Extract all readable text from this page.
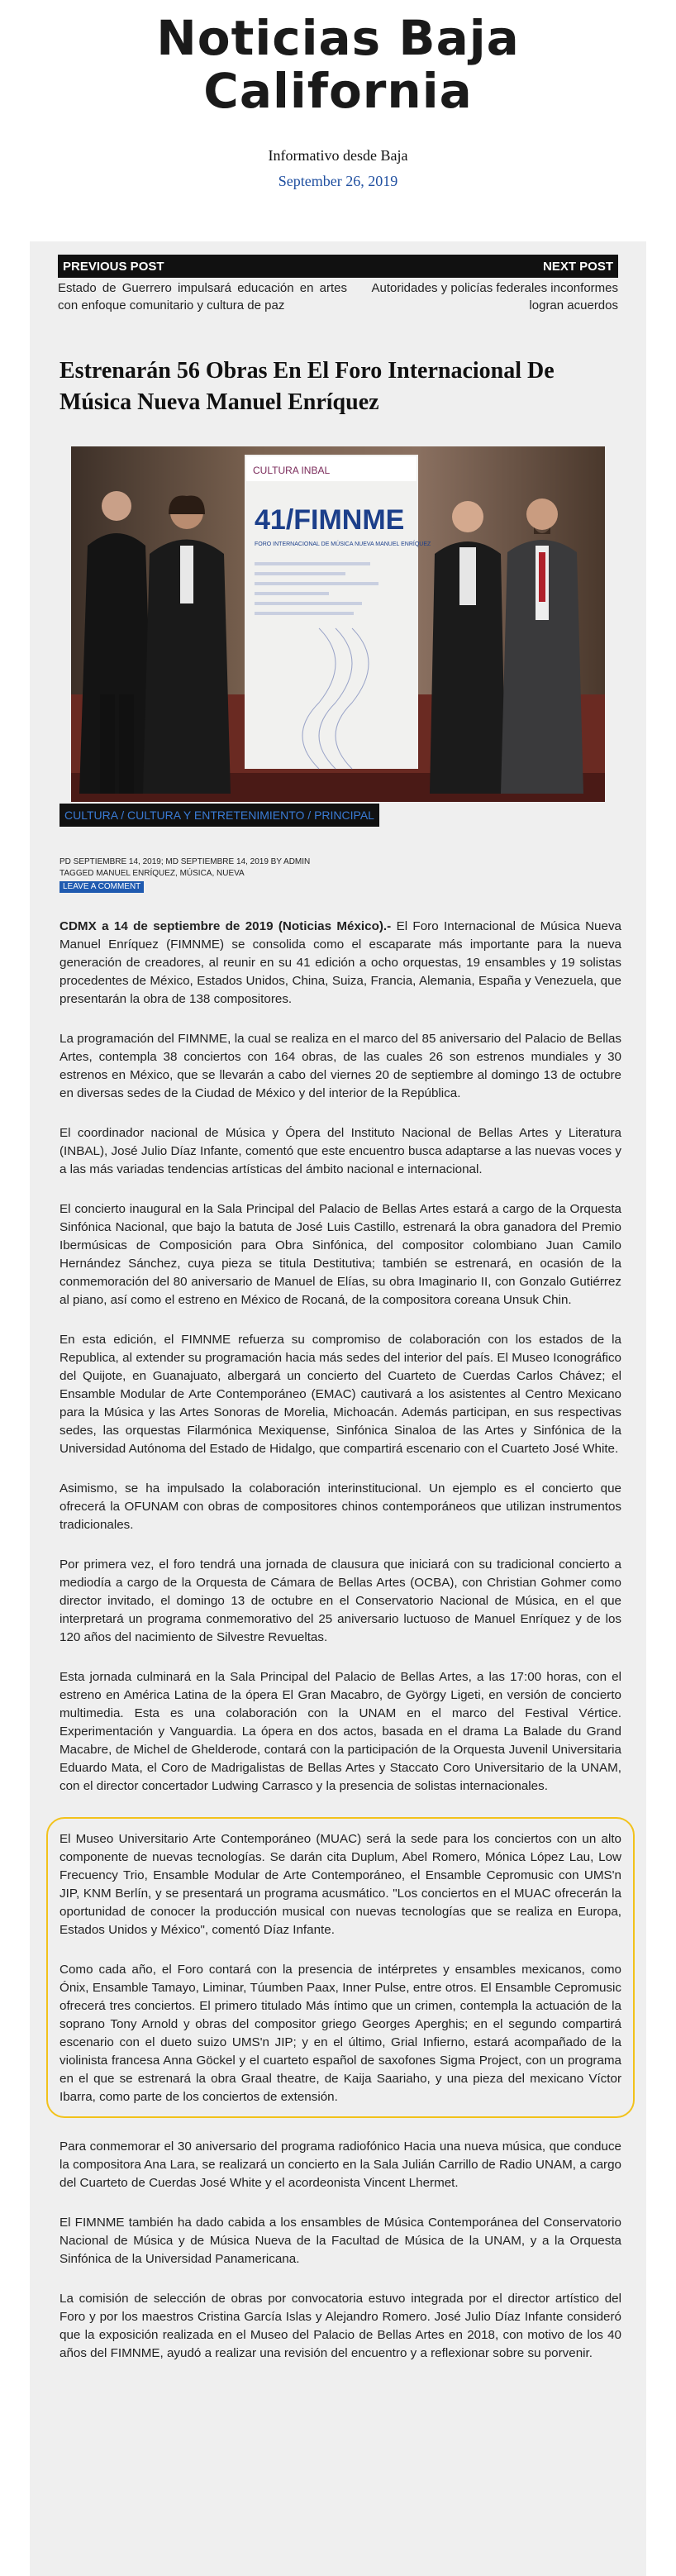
Noticias Baja California
Informativo desde Baja
September 26, 2019
PREVIOUS POST	NEXT POST
Estado de Guerrero impulsará educación en artes con enfoque comunitario y cultura de paz
Autoridades y policías federales inconformes logran acuerdos
Estrenarán 56 Obras En El Foro Internacional De Música Nueva Manuel Enríquez
CULTURA INBAL
41/FIMNME
FORO INTERNACIONAL DE MÚSICA NUEVA MANUEL ENRÍQUEZ
CULTURA / CULTURA Y ENTRETENIMIENTO / PRINCIPAL
PD SEPTIEMBRE 14, 2019; MD SEPTIEMBRE 14, 2019 BY ADMIN
TAGGED MANUEL ENRÍQUEZ, MÚSICA, NUEVA
LEAVE A COMMENT

CDMX a 14 de septiembre de 2019 (Noticias México).- El Foro Internacional de Música Nueva Manuel Enríquez (FIMNME) se consolida como el escaparate más importante para la nueva generación de creadores, al reunir en su 41 edición a ocho orquestas, 19 ensambles y 19 solistas procedentes de México, Estados Unidos, China, Suiza, Francia, Alemania, España y Venezuela, que presentarán la obra de 138 compositores.

La programación del FIMNME, la cual se realiza en el marco del 85 aniversario del Palacio de Bellas Artes, contempla 38 conciertos con 164 obras, de las cuales 26 son estrenos mundiales y 30 estrenos en México, que se llevarán a cabo del viernes 20 de septiembre al domingo 13 de octubre en diversas sedes de la Ciudad de México y del interior de la República.

El coordinador nacional de Música y Ópera del Instituto Nacional de Bellas Artes y Literatura (INBAL), José Julio Díaz Infante, comentó que este encuentro busca adaptarse a las nuevas voces y a las más variadas tendencias artísticas del ámbito nacional e internacional.

El concierto inaugural en la Sala Principal del Palacio de Bellas Artes estará a cargo de la Orquesta Sinfónica Nacional, que bajo la batuta de José Luis Castillo, estrenará la obra ganadora del Premio Ibermúsicas de Composición para Obra Sinfónica, del compositor colombiano Juan Camilo Hernández Sánchez, cuya pieza se titula Destitutiva; también se estrenará, en ocasión de la conmemoración del 80 aniversario de Manuel de Elías, su obra Imaginario II, con Gonzalo Gutiérrez al piano, así como el estreno en México de Rocaná, de la compositora coreana Unsuk Chin.

En esta edición, el FIMNME refuerza su compromiso de colaboración con los estados de la Republica, al extender su programación hacia más sedes del interior del país. El Museo Iconográfico del Quijote, en Guanajuato, albergará un concierto del Cuarteto de Cuerdas Carlos Chávez; el Ensamble Modular de Arte Contemporáneo (EMAC) cautivará a los asistentes al Centro Mexicano para la Música y las Artes Sonoras de Morelia, Michoacán. Además participan, en sus respectivas sedes, las orquestas Filarmónica Mexiquense, Sinfónica Sinaloa de las Artes y Sinfónica de la Universidad Autónoma del Estado de Hidalgo, que compartirá escenario con el Cuarteto José White.

Asimismo, se ha impulsado la colaboración interinstitucional. Un ejemplo es el concierto que ofrecerá la OFUNAM con obras de compositores chinos contemporáneos que utilizan instrumentos tradicionales.

Por primera vez, el foro tendrá una jornada de clausura que iniciará con su tradicional concierto a mediodía a cargo de la Orquesta de Cámara de Bellas Artes (OCBA), con Christian Gohmer como director invitado, el domingo 13 de octubre en el Conservatorio Nacional de Música, en el que interpretará un programa conmemorativo del 25 aniversario luctuoso de Manuel Enríquez y de los 120 años del nacimiento de Silvestre Revueltas.

Esta jornada culminará en la Sala Principal del Palacio de Bellas Artes, a las 17:00 horas, con el estreno en América Latina de la ópera El Gran Macabro, de György Ligeti, en versión de concierto multimedia. Esta es una colaboración con la UNAM en el marco del Festival Vértice. Experimentación y Vanguardia. La ópera en dos actos, basada en el drama La Balade du Grand Macabre, de Michel de Ghelderode, contará con la participación de la Orquesta Juvenil Universitaria Eduardo Mata, el Coro de Madrigalistas de Bellas Artes y Staccato Coro Universitario de la UNAM, con el director concertador Ludwing Carrasco y la presencia de solistas internacionales.

El Museo Universitario Arte Contemporáneo (MUAC) será la sede para los conciertos con un alto componente de nuevas tecnologías. Se darán cita Duplum, Abel Romero, Mónica López Lau, Low Frecuency Trio, Ensamble Modular de Arte Contemporáneo, el Ensamble Cepromusic con UMS'n JIP, KNM Berlín, y se presentará un programa acusmático. "Los conciertos en el MUAC ofrecerán la oportunidad de conocer la producción musical con nuevas tecnologías que se realiza en Europa, Estados Unidos y México", comentó Díaz Infante.

Como cada año, el Foro contará con la presencia de intérpretes y ensambles mexicanos, como Ónix, Ensamble Tamayo, Liminar, Túumben Paax, Inner Pulse, entre otros. El Ensamble Cepromusic ofrecerá tres conciertos. El primero titulado Más íntimo que un crimen, contempla la actuación de la soprano Tony Arnold y obras del compositor griego Georges Aperghis; en el segundo compartirá escenario con el dueto suizo UMS'n JIP; y en el último, Grial Infierno, estará acompañado de la violinista francesa Anna Göckel y el cuarteto español de saxofones Sigma Project, con un programa en el que se estrenará la obra Graal theatre, de Kaija Saariaho, y una pieza del mexicano Víctor Ibarra, como parte de los conciertos de extensión.

Para conmemorar el 30 aniversario del programa radiofónico Hacia una nueva música, que conduce la compositora Ana Lara, se realizará un concierto en la Sala Julián Carrillo de Radio UNAM, a cargo del Cuarteto de Cuerdas José White y el acordeonista Vincent Lhermet.

El FIMNME también ha dado cabida a los ensambles de Música Contemporánea del Conservatorio Nacional de Música y de Música Nueva de la Facultad de Música de la UNAM, y a la Orquesta Sinfónica de la Universidad Panamericana.

La comisión de selección de obras por convocatoria estuvo integrada por el director artístico del Foro y por los maestros Cristina García Islas y Alejandro Romero. José Julio Díaz Infante consideró que la exposición realizada en el Museo del Palacio de Bellas Artes en 2018, con motivo de los 40 años del FIMNME, ayudó a realizar una revisión del encuentro y a reflexionar sobre su porvenir.
